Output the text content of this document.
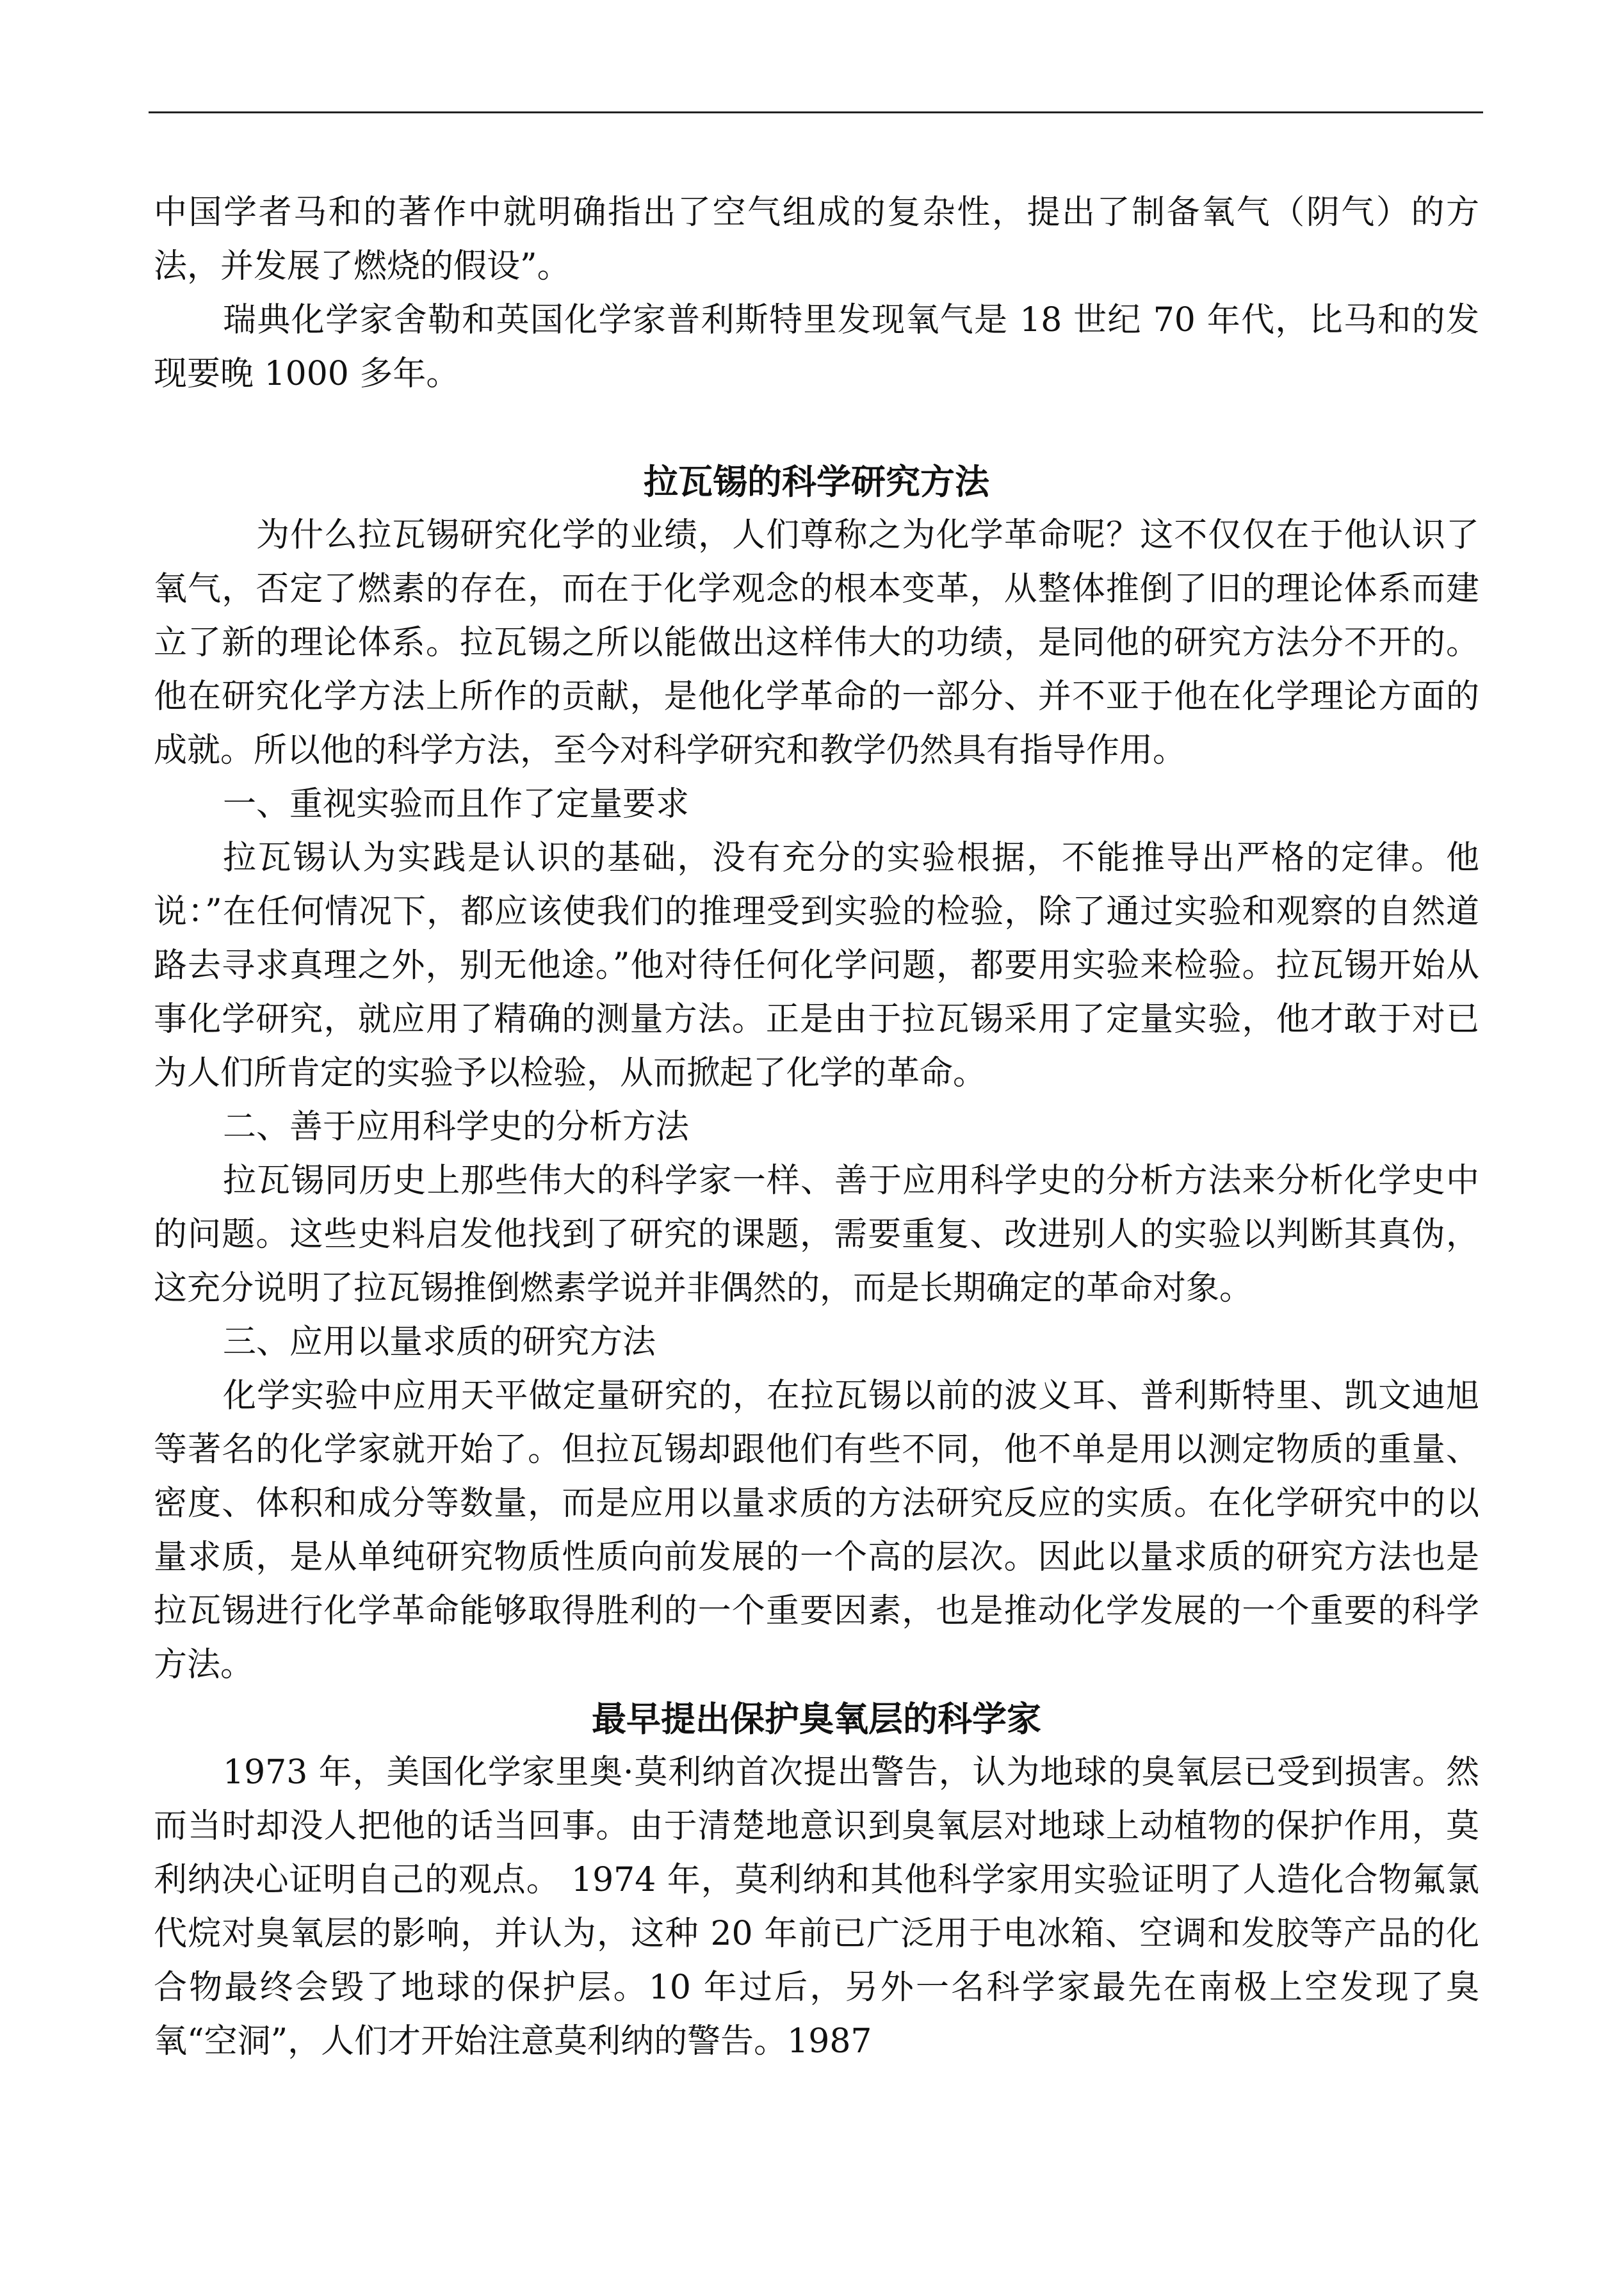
中国学者马和的著作中就明确指出了空气组成的复杂性，提出了制备氧气（阴气）的方法，并发展了燃烧的假设”。

瑞典化学家舍勒和英国化学家普利斯特里发现氧气是 18 世纪 70 年代，比马和的发现要晚 1000 多年。

拉瓦锡的科学研究方法

为什么拉瓦锡研究化学的业绩，人们尊称之为化学革命呢？这不仅仅在于他认识了氧气，否定了燃素的存在，而在于化学观念的根本变革，从整体推倒了旧的理论体系而建立了新的理论体系。拉瓦锡之所以能做出这样伟大的功绩，是同他的研究方法分不开的。他在研究化学方法上所作的贡献，是他化学革命的一部分、并不亚于他在化学理论方面的成就。所以他的科学方法，至今对科学研究和教学仍然具有指导作用。

一、重视实验而且作了定量要求

拉瓦锡认为实践是认识的基础，没有充分的实验根据，不能推导出严格的定律。他说：”在任何情况下，都应该使我们的推理受到实验的检验，除了通过实验和观察的自然道路去寻求真理之外，别无他途。”他对待任何化学问题，都要用实验来检验。拉瓦锡开始从事化学研究，就应用了精确的测量方法。正是由于拉瓦锡采用了定量实验，他才敢于对已为人们所肯定的实验予以检验，从而掀起了化学的革命。

二、善于应用科学史的分析方法

拉瓦锡同历史上那些伟大的科学家一样、善于应用科学史的分析方法来分析化学史中的问题。这些史料启发他找到了研究的课题，需要重复、改进别人的实验以判断其真伪，这充分说明了拉瓦锡推倒燃素学说并非偶然的，而是长期确定的革命对象。

三、应用以量求质的研究方法

化学实验中应用天平做定量研究的，在拉瓦锡以前的波义耳、普利斯特里、凯文迪旭等著名的化学家就开始了。但拉瓦锡却跟他们有些不同，他不单是用以测定物质的重量、密度、体积和成分等数量，而是应用以量求质的方法研究反应的实质。在化学研究中的以量求质，是从单纯研究物质性质向前发展的一个高的层次。因此以量求质的研究方法也是拉瓦锡进行化学革命能够取得胜利的一个重要因素，也是推动化学发展的一个重要的科学方法。

最早提出保护臭氧层的科学家

1973 年，美国化学家里奥·莫利纳首次提出警告，认为地球的臭氧层已受到损害。然而当时却没人把他的话当回事。由于清楚地意识到臭氧层对地球上动植物的保护作用，莫利纳决心证明自己的观点。 1974 年，莫利纳和其他科学家用实验证明了人造化合物氟氯代烷对臭氧层的影响，并认为，这种 20 年前已广泛用于电冰箱、空调和发胶等产品的化合物最终会毁了地球的保护层。10 年过后，另外一名科学家最先在南极上空发现了臭氧“空洞”，人们才开始注意莫利纳的警告。1987
